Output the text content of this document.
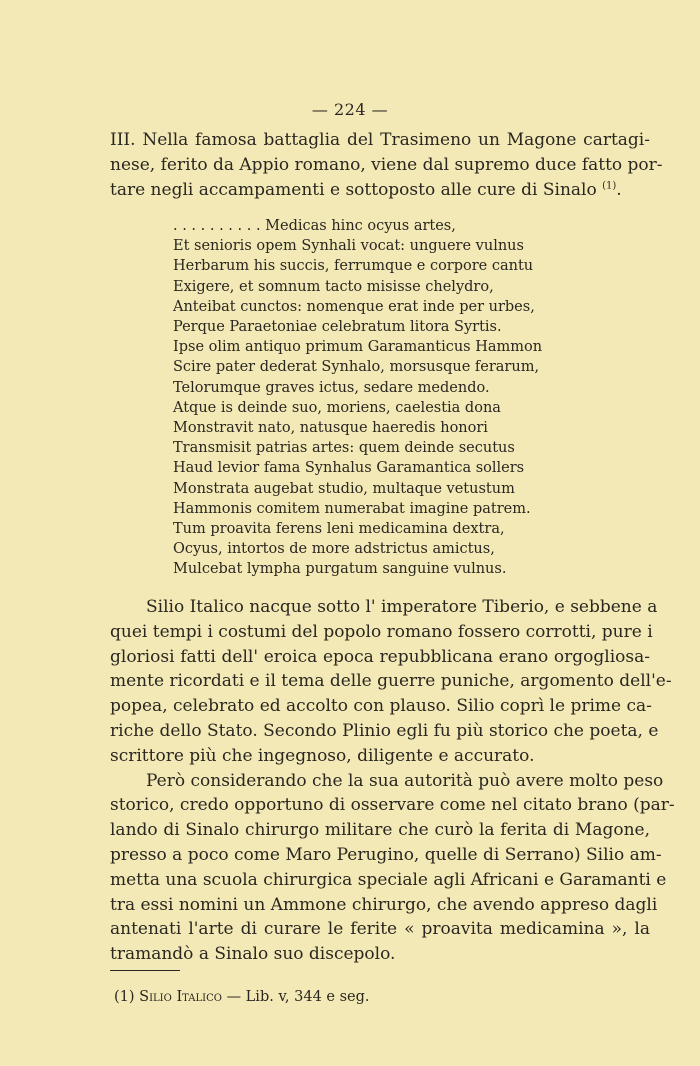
— 224 —
III. Nella famosa battaglia del Trasimeno un Magone cartagi-
nese, ferito da Appio romano, viene dal supremo duce fatto por-
tare negli accampamenti e sottoposto alle cure di Sinalo $^{(1)}$.
. . . . . . . . . . Medicas hinc ocyus artes,
Et senioris opem Synhali vocat: unguere vulnus
Herbarum his succis, ferrumque e corpore cantu
Exigere, et somnum tacto misisse chelydro,
Anteibat cunctos: nomenque erat inde per urbes,
Perque Paraetoniae celebratum litora Syrtis.
Ipse olim antiquo primum Garamanticus Hammon
Scire pater dederat Synhalo, morsusque ferarum,
Telorumque graves ictus, sedare medendo.
Atque is deinde suo, moriens, caelestia dona
Monstravit nato, natusque haeredis honori
Transmisit patrias artes: quem deinde secutus
Haud levior fama Synhalus Garamantica sollers
Monstrata augebat studio, multaque vetustum
Hammonis comitem numerabat imagine patrem.
Tum proavita ferens leni medicamina dextra,
Ocyus, intortos de more adstrictus amictus,
Mulcebat lympha purgatum sanguine vulnus.
Silio Italico nacque sotto l' imperatore Tiberio, e sebbene a
quei tempi i costumi del popolo romano fossero corrotti, pure i
gloriosi fatti dell' eroica epoca repubblicana erano orgogliosa-
mente ricordati e il tema delle guerre puniche, argomento dell'e-
popea, celebrato ed accolto con plauso. Silio coprì le prime ca-
riche dello Stato. Secondo Plinio egli fu più storico che poeta, e
scrittore più che ingegnoso, diligente e accurato.
Però considerando che la sua autorità può avere molto peso
storico, credo opportuno di osservare come nel citato brano (par-
lando di Sinalo chirurgo militare che curò la ferita di Magone,
presso a poco come Maro Perugino, quelle di Serrano) Silio am-
metta una scuola chirurgica speciale agli Africani e Garamanti e
tra essi nomini un Ammone chirurgo, che avendo appreso dagli
antenati l'arte di curare le ferite « proavita medicamina », la
tramandò a Sinalo suo discepolo.
(1) Silio Italico — Lib. v, 344 e seg.
